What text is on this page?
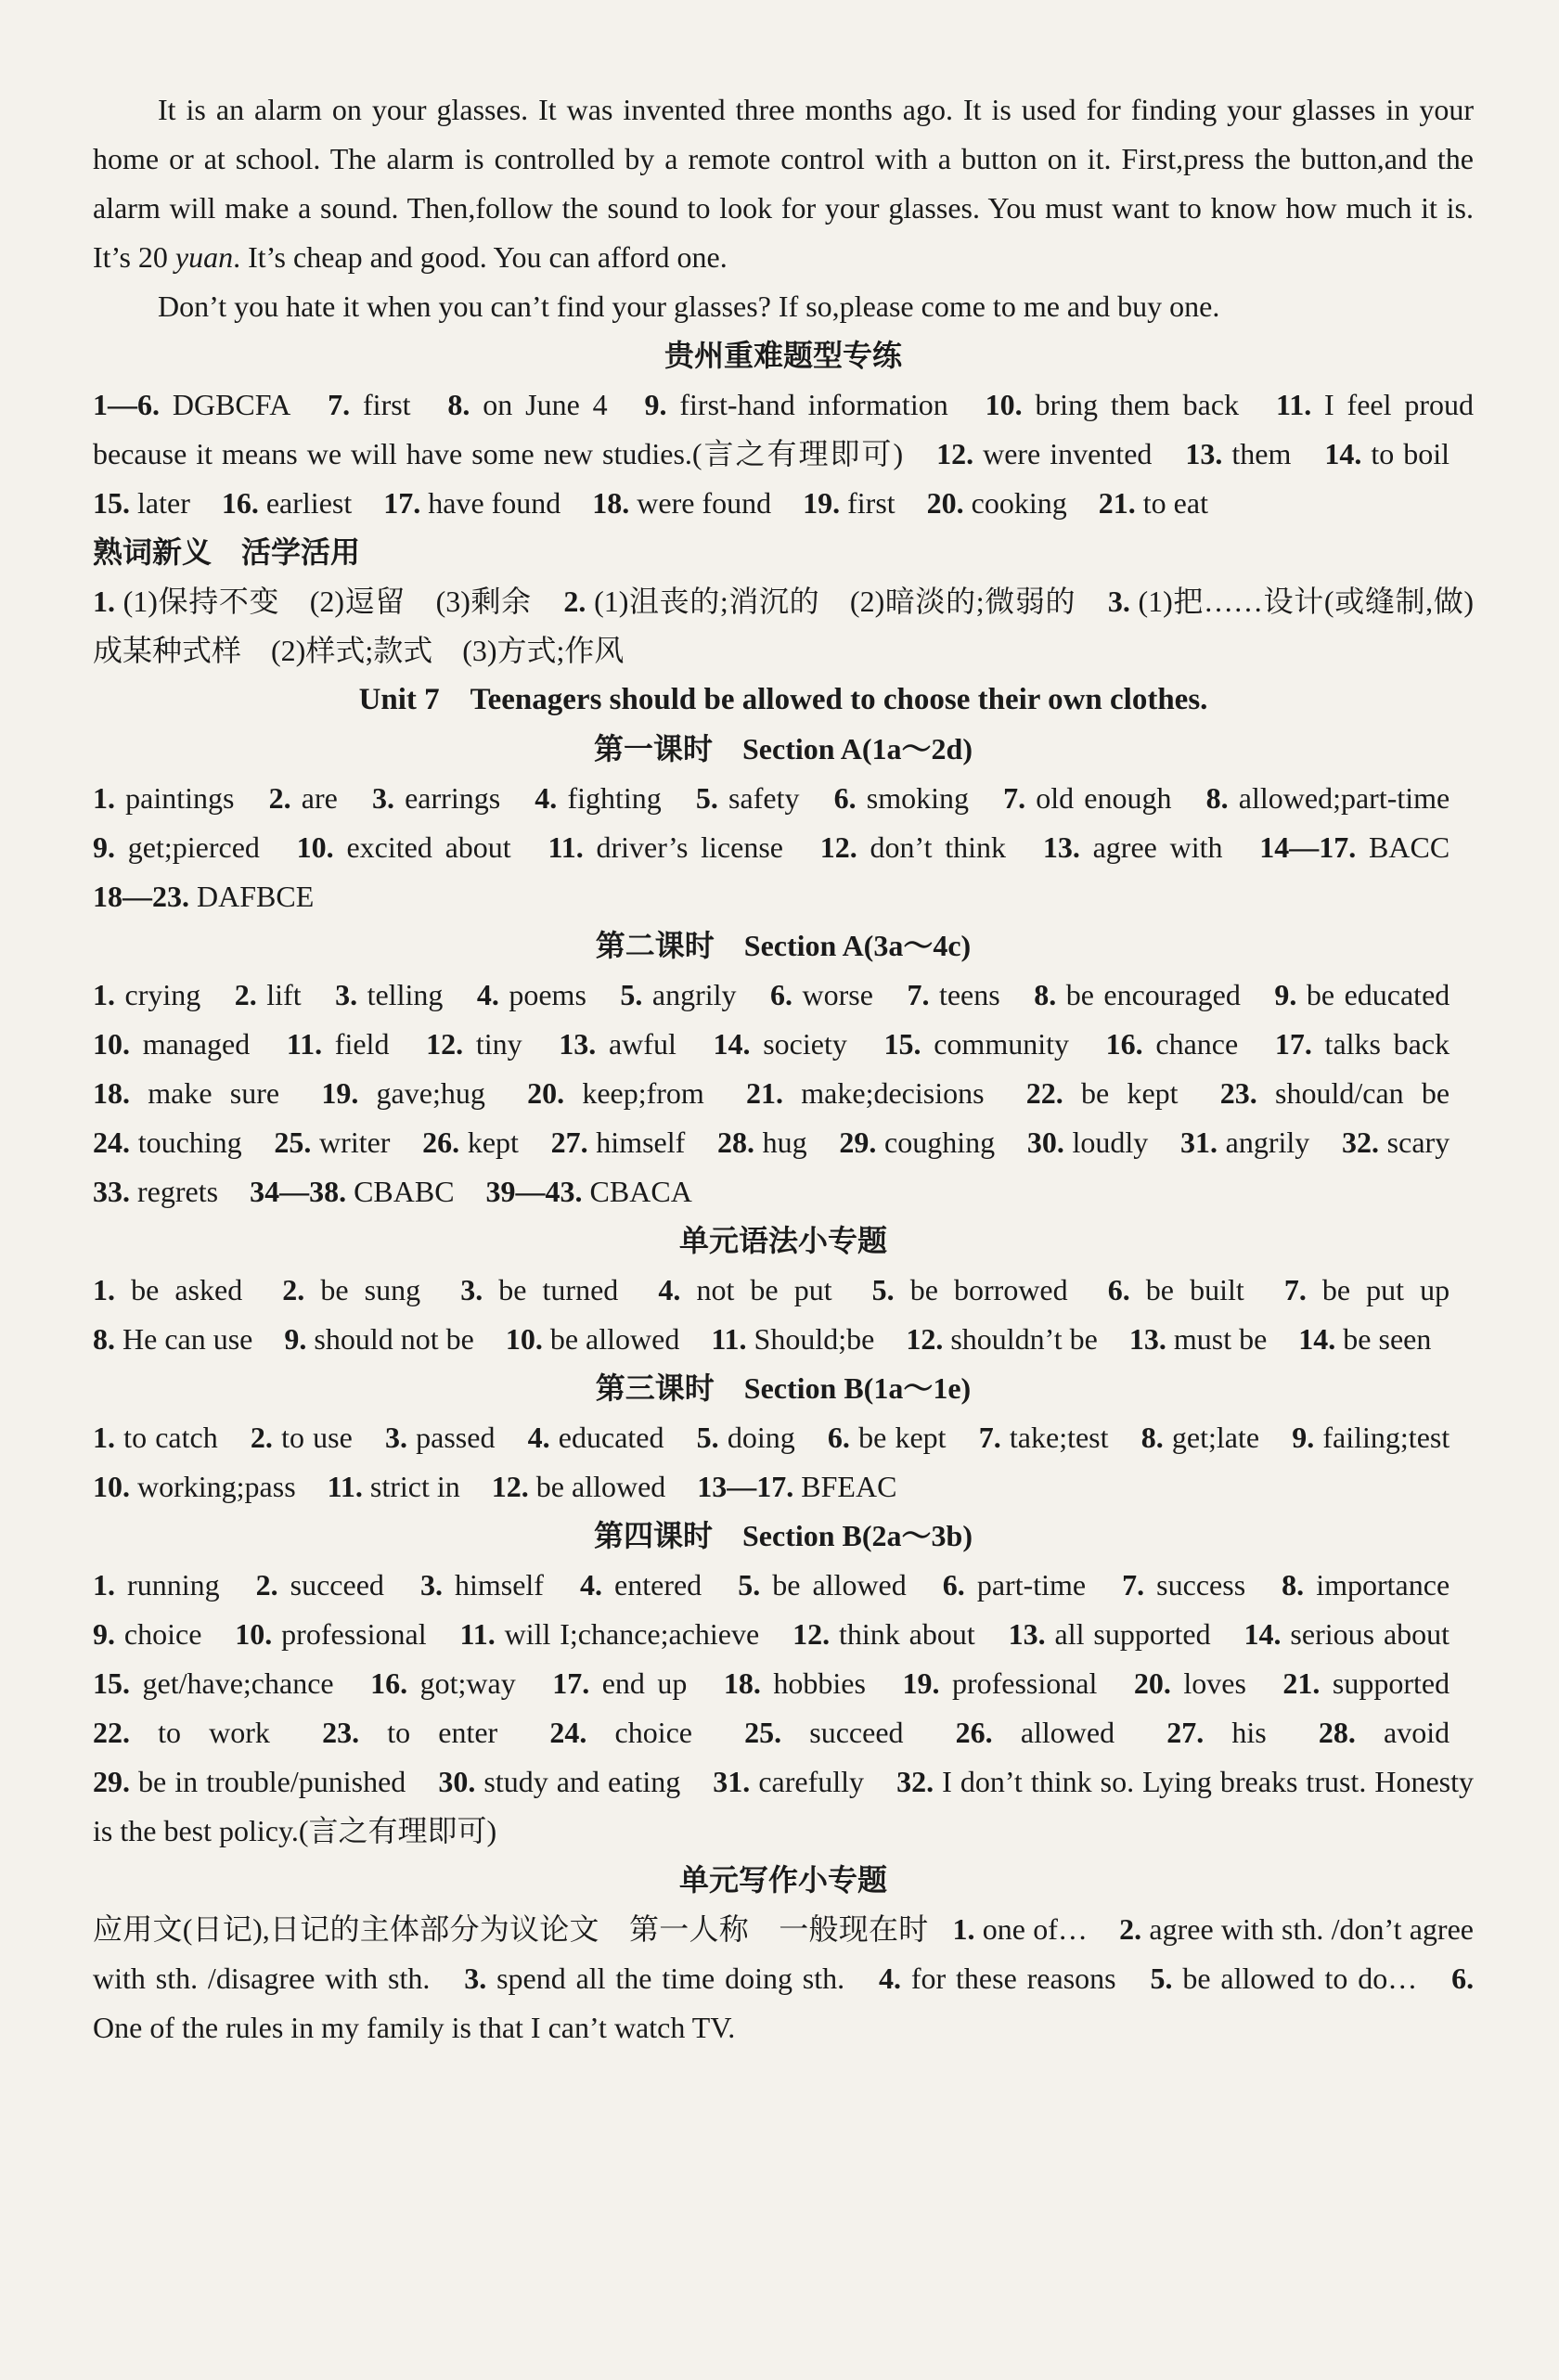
It is an alarm on your glasses. It was invented three months ago. It is used for finding your glasses in your home or at school. The alarm is controlled by a remote control with a button on it. First,press the button,and the alarm will make a sound. Then,follow the sound to look for your glasses. You must want to know how much it is. It’s 20 yuan. It’s cheap and good. You can afford one.

Don’t you hate it when you can’t find your glasses? If so,please come to me and buy one.

贵州重难题型专练

1—6. DGBCFA 7. first 8. on June 4 9. first-hand information 10. bring them back 11. I feel proud because it means we will have some new studies.(言之有理即可) 12. were invented 13. them 14. to boil 15. later 16. earliest 17. have found 18. were found 19. first 20. cooking 21. to eat

熟词新义　活学活用

1. (1)保持不变　(2)逗留　(3)剩余 2. (1)沮丧的;消沉的　(2)暗淡的;微弱的 3. (1)把……设计(或缝制,做)成某种式样　(2)样式;款式　(3)方式;作风

Unit 7　Teenagers should be allowed to choose their own clothes.

第一课时　Section A(1a～2d)

1. paintings 2. are 3. earrings 4. fighting 5. safety 6. smoking 7. old enough 8. allowed;part-time 9. get;pierced 10. excited about 11. driver’s license 12. don’t think 13. agree with 14—17. BACC 18—23. DAFBCE

第二课时　Section A(3a～4c)

1. crying 2. lift 3. telling 4. poems 5. angrily 6. worse 7. teens 8. be encouraged 9. be educated 10. managed 11. field 12. tiny 13. awful 14. society 15. community 16. chance 17. talks back 18. make sure 19. gave;hug 20. keep;from 21. make;decisions 22. be kept 23. should/can be 24. touching 25. writer 26. kept 27. himself 28. hug 29. coughing 30. loudly 31. angrily 32. scary 33. regrets 34—38. CBABC 39—43. CBACA

单元语法小专题

1. be asked 2. be sung 3. be turned 4. not be put 5. be borrowed 6. be built 7. be put up 8. He can use 9. should not be 10. be allowed 11. Should;be 12. shouldn’t be 13. must be 14. be seen

第三课时　Section B(1a～1e)

1. to catch 2. to use 3. passed 4. educated 5. doing 6. be kept 7. take;test 8. get;late 9. failing;test 10. working;pass 11. strict in 12. be allowed 13—17. BFEAC

第四课时　Section B(2a～3b)

1. running 2. succeed 3. himself 4. entered 5. be allowed 6. part-time 7. success 8. importance 9. choice 10. professional 11. will I;chance;achieve 12. think about 13. all supported 14. serious about 15. get/have;chance 16. got;way 17. end up 18. hobbies 19. professional 20. loves 21. supported 22. to work 23. to enter 24. choice 25. succeed 26. allowed 27. his 28. avoid 29. be in trouble/punished 30. study and eating 31. carefully 32. I don’t think so. Lying breaks trust. Honesty is the best policy.(言之有理即可)

单元写作小专题

应用文(日记),日记的主体部分为议论文　第一人称　一般现在时 1. one of… 2. agree with sth. /don’t agree with sth. /disagree with sth. 3. spend all the time doing sth. 4. for these reasons 5. be allowed to do… 6. One of the rules in my family is that I can’t watch TV.
